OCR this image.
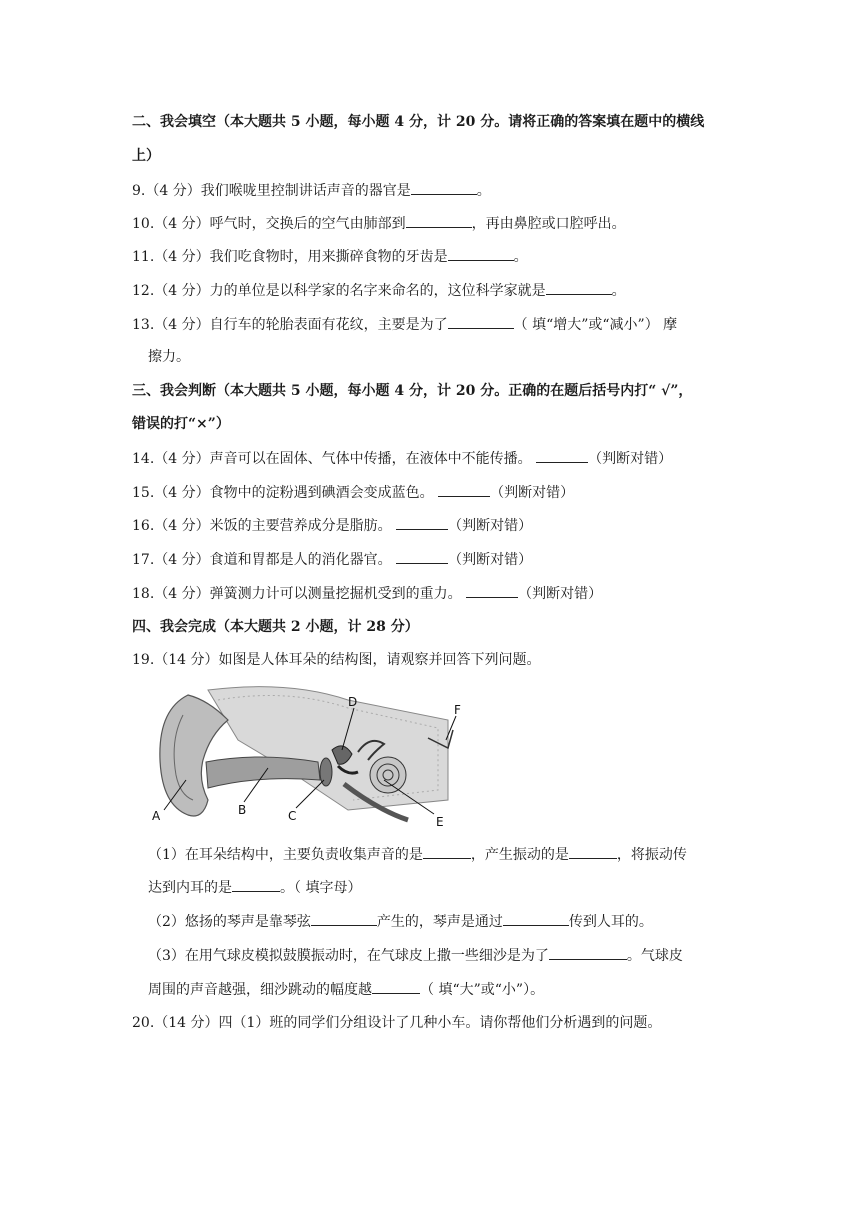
二、我会填空（本大题共 5 小题，每小题 4 分，计 20 分。请将正确的答案填在题中的横线
上）
9.（4 分）我们喉咙里控制讲话声音的器官是	。
10.（4 分）呼气时，交换后的空气由肺部到	，再由鼻腔或口腔呼出。
11.（4 分）我们吃食物时，用来撕碎食物的牙齿是	。
12.（4 分）力的单位是以科学家的名字来命名的，这位科学家就是	。
13.（4 分）自行车的轮胎表面有花纹，主要是为了	（ 填“增大”或“减小”） 摩
擦力。
三、我会判断（本大题共 5 小题，每小题 4 分，计 20 分。正确的在题后括号内打“ √”，
错误的打“×”）
14.（4 分）声音可以在固体、气体中传播，在液体中不能传播。	（判断对错）
15.（4 分）食物中的淀粉遇到碘酒会变成蓝色。	（判断对错）
16.（4 分）米饭的主要营养成分是脂肪。	（判断对错）
17.（4 分）食道和胃都是人的消化器官。	（判断对错）
18.（4 分）弹簧测力计可以测量挖掘机受到的重力。	（判断对错）
四、我会完成（本大题共 2 小题，计 28 分）
19.（14 分）如图是人体耳朵的结构图，请观察并回答下列问题。
A	B	C
D
E
F
（1）在耳朵结构中，主要负责收集声音的是	，产生振动的是	，将振动传
达到内耳的是	。（ 填字母）
（2）悠扬的琴声是靠琴弦	产生的，琴声是通过	传到人耳的。
（3）在用气球皮模拟鼓膜振动时，在气球皮上撒一些细沙是为了	。气球皮
周围的声音越强，细沙跳动的幅度越	（ 填“大”或“小”）。
20.（14 分）四（1）班的同学们分组设计了几种小车。请你帮他们分析遇到的问题。
